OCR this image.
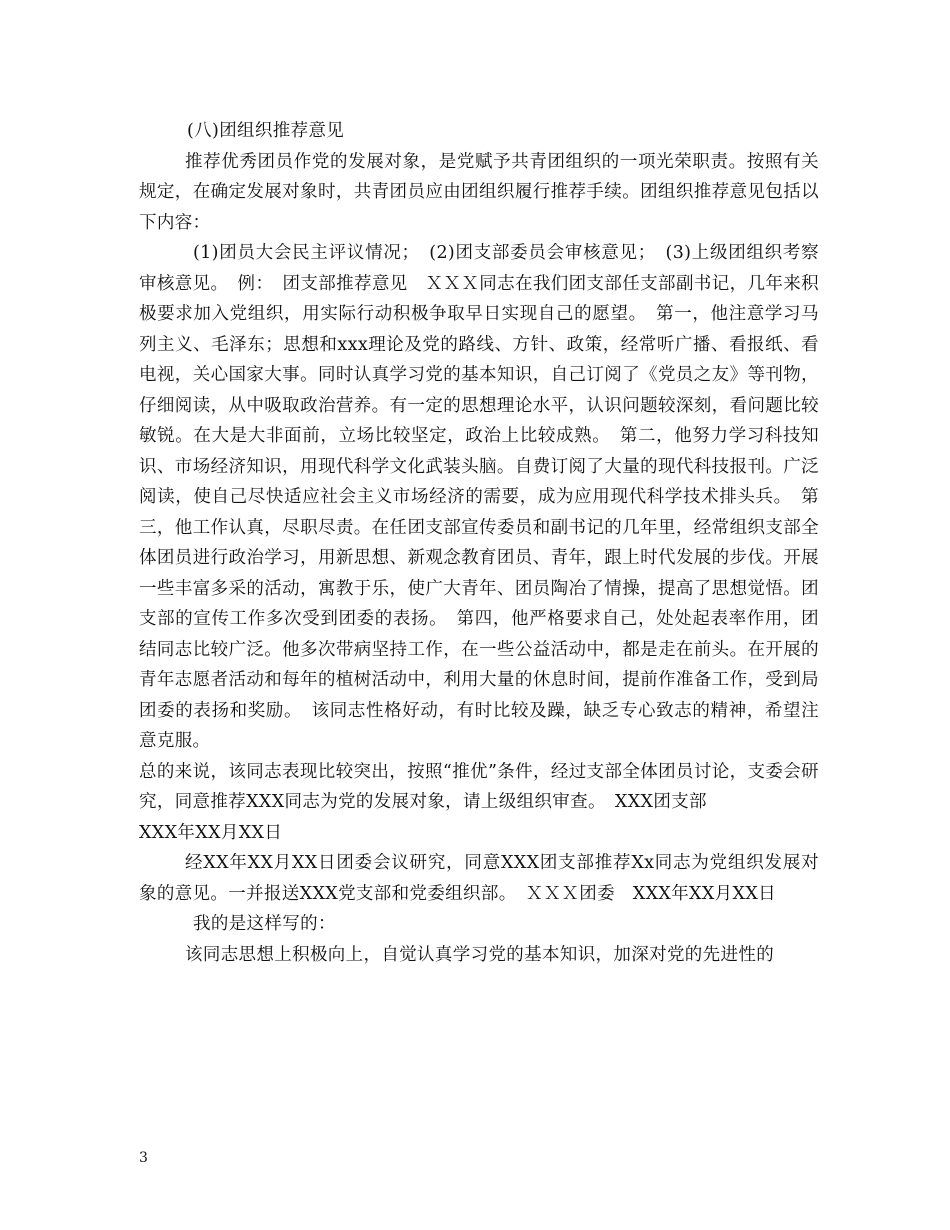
(八)团组织推荐意见

推荐优秀团员作党的发展对象，是党赋予共青团组织的一项光荣职责。按照有关规定，在确定发展对象时，共青团员应由团组织履行推荐手续。团组织推荐意见包括以下内容：

(1)团员大会民主评议情况；　(2)团支部委员会审核意见；　(3)上级团组织考察审核意见。　例：　团支部推荐意见　ＸＸＸ同志在我们团支部任支部副书记，几年来积极要求加入党组织，用实际行动积极争取早日实现自己的愿望。　第一，他注意学习马列主义、毛泽东；思想和xxx理论及党的路线、方针、政策，经常听广播、看报纸、看电视，关心国家大事。同时认真学习党的基本知识，自己订阅了《党员之友》等刊物，仔细阅读，从中吸取政治营养。有一定的思想理论水平，认识问题较深刻，看问题比较敏锐。在大是大非面前，立场比较坚定，政治上比较成熟。　第二，他努力学习科技知识、市场经济知识，用现代科学文化武装头脑。自费订阅了大量的现代科技报刊。广泛阅读，使自己尽快适应社会主义市场经济的需要，成为应用现代科学技术排头兵。　第三，他工作认真，尽职尽责。在任团支部宣传委员和副书记的几年里，经常组织支部全体团员进行政治学习，用新思想、新观念教育团员、青年，跟上时代发展的步伐。开展一些丰富多采的活动，寓教于乐，使广大青年、团员陶冶了情操，提高了思想觉悟。团支部的宣传工作多次受到团委的表扬。　第四，他严格要求自己，处处起表率作用，团结同志比较广泛。他多次带病坚持工作，在一些公益活动中，都是走在前头。在开展的青年志愿者活动和每年的植树活动中，利用大量的休息时间，提前作准备工作，受到局团委的表扬和奖励。　该同志性格好动，有时比较及躁，缺乏专心致志的精神，希望注意克服。

总的来说，该同志表现比较突出，按照“推优”条件，经过支部全体团员讨论，支委会研究，同意推荐XXX同志为党的发展对象，请上级组织审查。　XXX团支部

XXX年XX月XX日

经XX年XX月XX日团委会议研究，同意XXX团支部推荐Xx同志为党组织发展对象的意见。一并报送XXX党支部和党委组织部。　ＸＸＸ团委　XXX年XX月XX日

我的是这样写的：

该同志思想上积极向上，自觉认真学习党的基本知识，加深对党的先进性的

3
